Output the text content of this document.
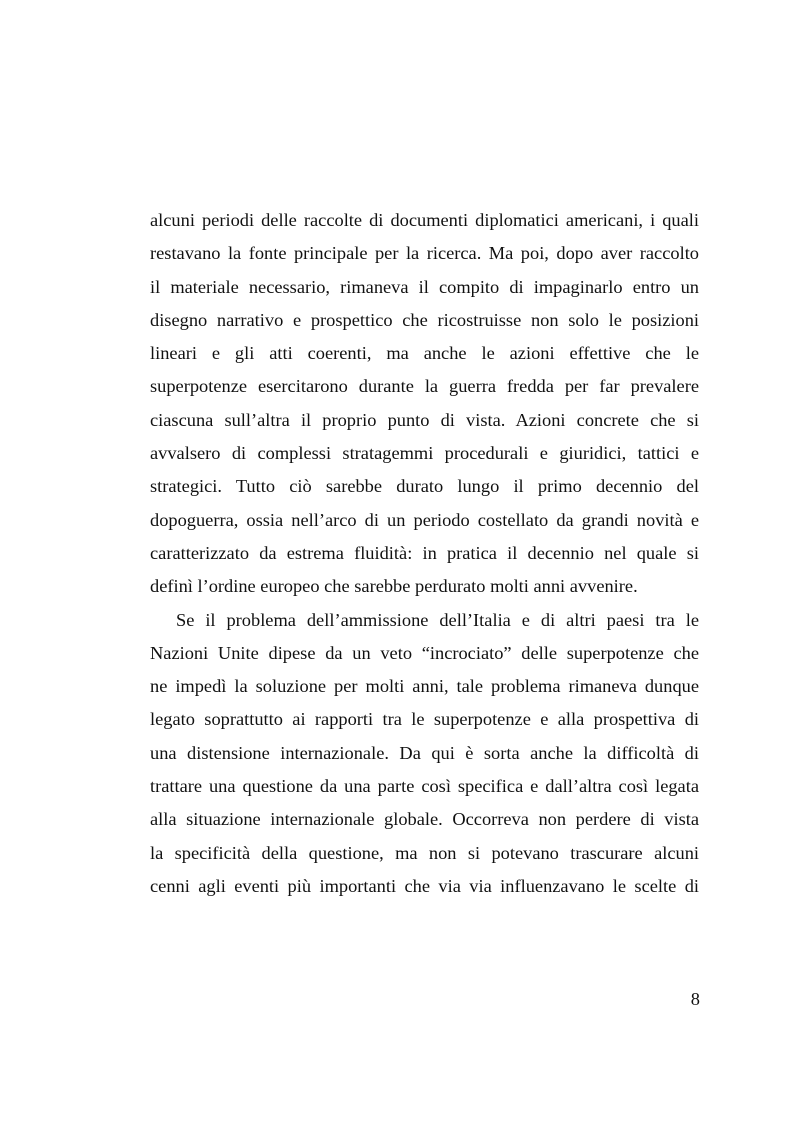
alcuni periodi delle raccolte di documenti diplomatici americani, i quali
restavano la fonte principale per la ricerca. Ma poi, dopo aver raccolto
il materiale necessario, rimaneva il compito di impaginarlo entro un
disegno narrativo e prospettico che ricostruisse non solo le posizioni
lineari e gli atti coerenti, ma anche le azioni effettive che le
superpotenze esercitarono durante la guerra fredda per far prevalere
ciascuna sull’altra il proprio punto di vista. Azioni concrete che si
avvalsero di complessi stratagemmi procedurali e giuridici, tattici e
strategici. Tutto ciò sarebbe durato lungo il primo decennio del
dopoguerra, ossia nell’arco di un periodo costellato da grandi novità e
caratterizzato da estrema fluidità: in pratica il decennio nel quale si
definì l’ordine europeo che sarebbe perdurato molti anni avvenire.

Se il problema dell’ammissione dell’Italia e di altri paesi tra le
Nazioni Unite dipese da un veto “incrociato” delle superpotenze che
ne impedì la soluzione per molti anni, tale problema rimaneva dunque
legato soprattutto ai rapporti tra le superpotenze e alla prospettiva di
una distensione internazionale. Da qui è sorta anche la difficoltà di
trattare una questione da una parte così specifica e dall’altra così legata
alla situazione internazionale globale. Occorreva non perdere di vista
la specificità della questione, ma non si potevano trascurare alcuni
cenni agli eventi più importanti che via via influenzavano le scelte di

8
